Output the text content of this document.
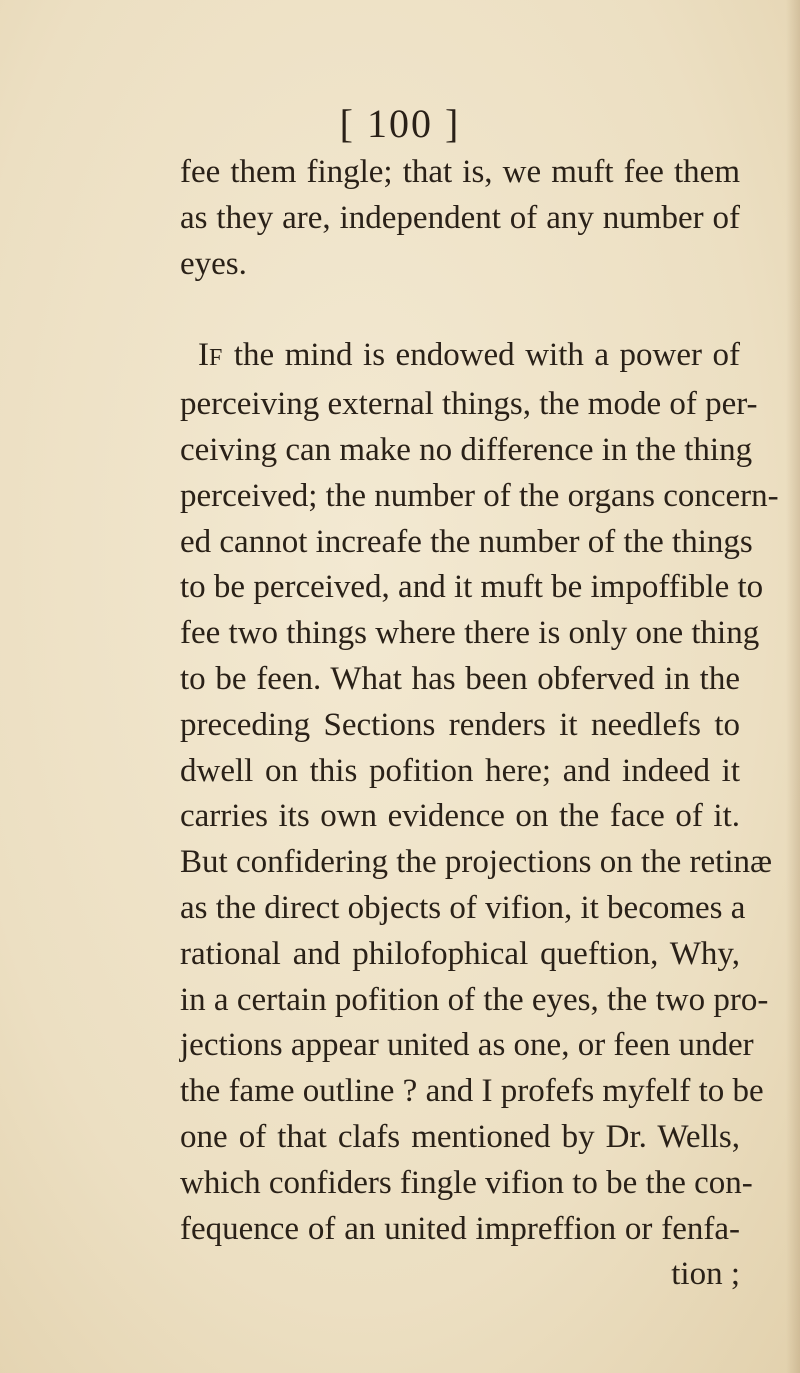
[ 100 ]
fee them fingle; that is, we muft fee them
as they are, independent of any number of
eyes.
IF the mind is endowed with a power of
perceiving external things, the mode of per-
ceiving can make no difference in the thing
perceived; the number of the organs concern-
ed cannot increafe the number of the things
to be perceived, and it muft be impoffible to
fee two things where there is only one thing
to be feen. What has been obferved in the
preceding Sections renders it needlefs to
dwell on this pofition here; and indeed it
carries its own evidence on the face of it.
But confidering the projections on the retinæ
as the direct objects of vifion, it becomes a
rational and philofophical queftion, Why,
in a certain pofition of the eyes, the two pro-
jections appear united as one, or feen under
the fame outline ? and I profefs myfelf to be
one of that clafs mentioned by Dr. Wells,
which confiders fingle vifion to be the con-
fequence of an united impreffion or fenfa-
tion ;
